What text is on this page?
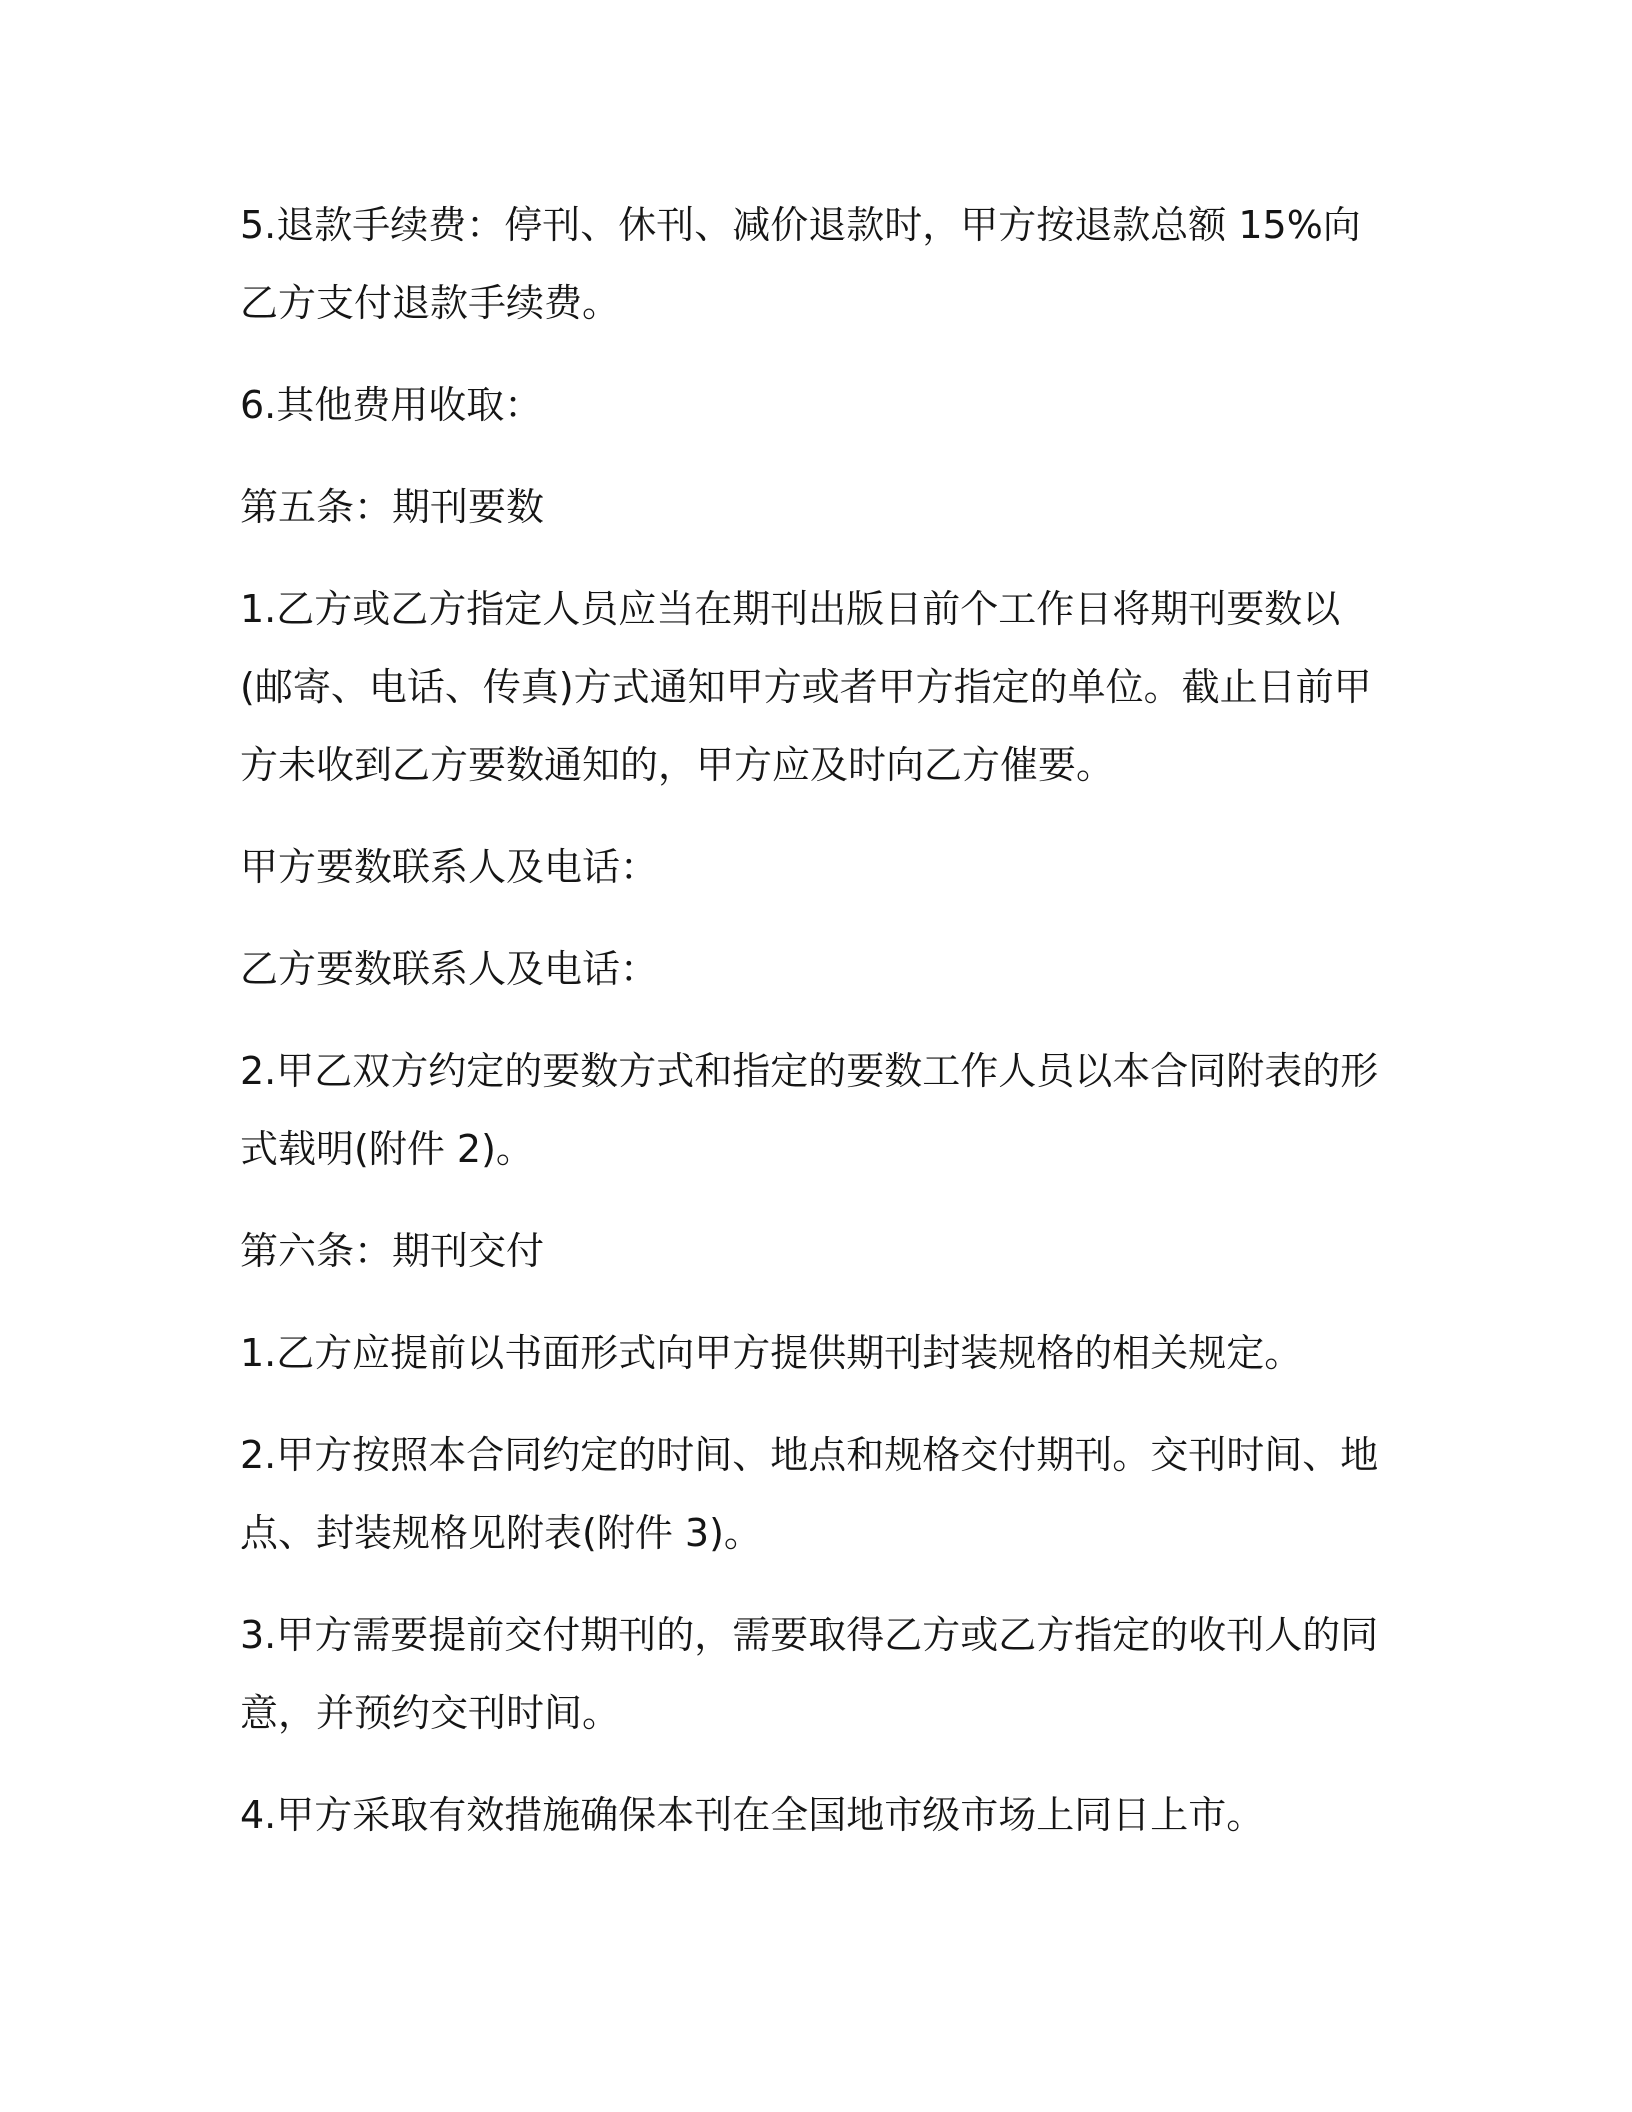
5.退款手续费：停刊、休刊、减价退款时，甲方按退款总额 15%向乙方支付退款手续费。

6.其他费用收取：

第五条：期刊要数

1.乙方或乙方指定人员应当在期刊出版日前个工作日将期刊要数以(邮寄、电话、传真)方式通知甲方或者甲方指定的单位。截止日前甲方未收到乙方要数通知的，甲方应及时向乙方催要。

甲方要数联系人及电话：

乙方要数联系人及电话：

2.甲乙双方约定的要数方式和指定的要数工作人员以本合同附表的形式载明(附件 2)。

第六条：期刊交付

1.乙方应提前以书面形式向甲方提供期刊封装规格的相关规定。

2.甲方按照本合同约定的时间、地点和规格交付期刊。交刊时间、地点、封装规格见附表(附件 3)。

3.甲方需要提前交付期刊的，需要取得乙方或乙方指定的收刊人的同意，并预约交刊时间。

4.甲方采取有效措施确保本刊在全国地市级市场上同日上市。
